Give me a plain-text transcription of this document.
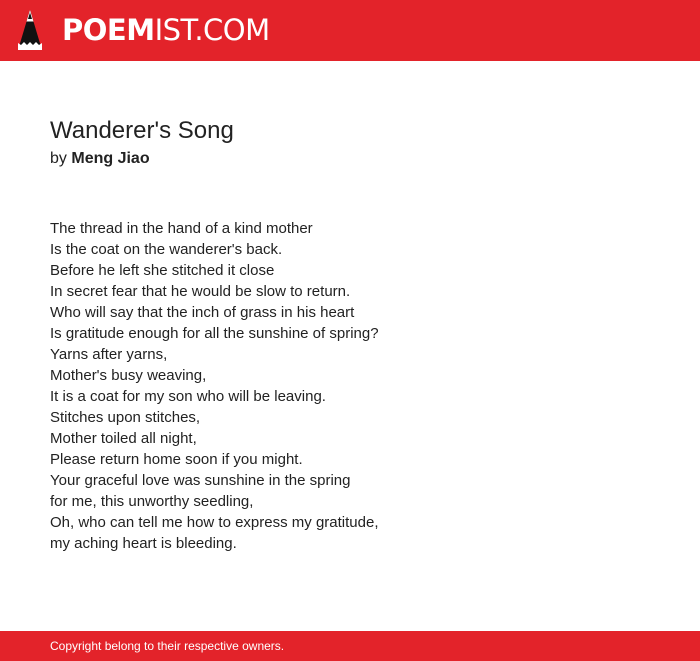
POEMIST.COM
Wanderer's Song
by Meng Jiao
The thread in the hand of a kind mother
Is the coat on the wanderer's back.
Before he left she stitched it close
In secret fear that he would be slow to return.
Who will say that the inch of grass in his heart
Is gratitude enough for all the sunshine of spring?
Yarns after yarns,
Mother's busy weaving,
It is a coat for my son who will be leaving.
Stitches upon stitches,
Mother toiled all night,
Please return home soon if you might.
Your graceful love was sunshine in the spring
for me, this unworthy seedling,
Oh, who can tell me how to express my gratitude,
my aching heart is bleeding.
Copyright belong to their respective owners.
